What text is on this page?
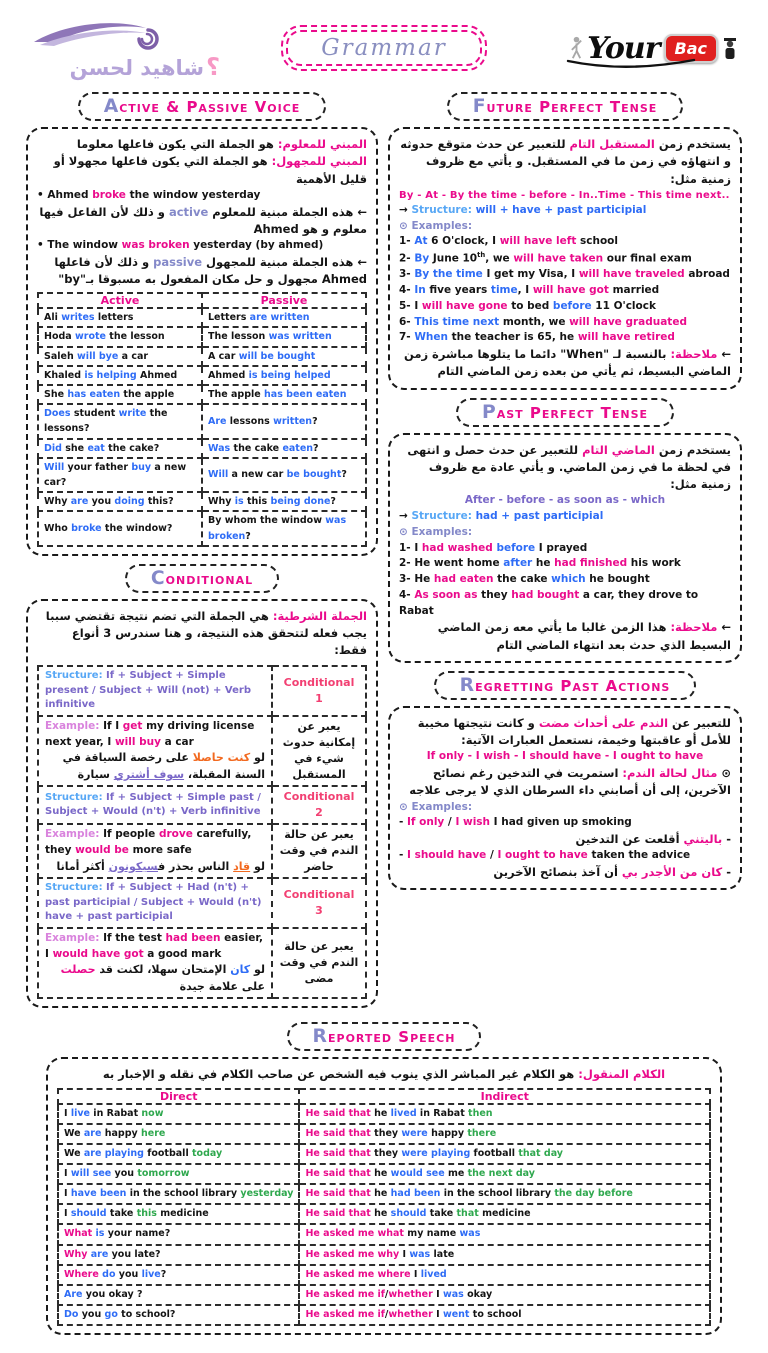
؟شاهيد لحسن
Grammar	Your Bac
Active & Passive Voice
المبني للمعلوم: هو الجملة التي يكون فاعلها معلوما
المبني للمجهول: هو الجملة التي يكون فاعلها مجهولا أو قليل الأهمية
• Ahmed broke the window yesterday
← هذه الجملة مبنية للمعلوم active و ذلك لأن الفاعل فيها معلوم و هو Ahmed
• The window was broken yesterday (by ahmed)
← هذه الجملة مبنية للمجهول passive و ذلك لأن فاعلها Ahmed مجهول و حل مكان المفعول به مسبوقا بـ"by"
Active	Passive
Ali writes letters	Letters are written
Hoda wrote the lesson	The lesson was written
Saleh will bye a car	A car will be bought
Khaled is helping Ahmed	Ahmed is being helped
She has eaten the apple	The apple has been eaten
Does student write the lessons?	Are lessons written?
Did she eat the cake?	Was the cake eaten?
Will your father buy a new car?	Will a new car be bought?
Why are you doing this?	Why is this being done?
Who broke the window?	By whom the window was broken?
Conditional
الجملة الشرطية: هي الجملة التي تضم نتيجة تقتضي سببا يجب فعله لتتحقق هذه النتيجة، و هنا سندرس 3 أنواع فقط:
Structure: If + Subject + Simple present / Subject + Will (not) + Verb infinitive	Conditional 1

Example: If I get my driving license next year, I will buy a car
لو كنت حاصلا على رخصة السياقة في السنة المقبلة، سوف أشتري سيارة	يعبر عن إمكانية حدوث شيء في المستقبل
Structure: If + Subject + Simple past / Subject + Would (n't) + Verb infinitive	Conditional 2

Example: If people drove carefully, they would be more safe
لو قاد الناس بحذر فسيكونون أكثر أمانا	يعبر عن حالة الندم في وقت حاضر
Structure: If + Subject + Had (n't) + past participial / Subject + Would (n't) have + past participial	Conditional 3

Example: If the test had been easier, I would have got a good mark
لو كان الإمتحان سهلا، لكنت قد حصلت على علامة جيدة	يعبر عن حالة الندم في وقت مضى
Future Perfect Tense
يستخدم زمن المستقبل التام للتعبير عن حدث متوقع حدوثه و انتهاؤه في زمن ما في المستقبل. و يأتي مع ظروف زمنية مثل:
By - At - By the time - before - In..Time - This time next..
→ Structure: will + have + past participial
⊙ Examples:
1- At 6 O'clock, I will have left school
2- By June 10th, we will have taken our final exam
3- By the time I get my Visa, I will have traveled abroad
4- In five years time, I will have got married
5- I will have gone to bed before 11 O'clock
6- This time next month, we will have graduated
7- When the teacher is 65, he will have retired
← ملاحظة: بالنسبة لـ "When" دائما ما يتلوها مباشرة زمن الماضي البسيط، ثم يأتي من بعده زمن الماضي التام
Past Perfect Tense
يستخدم زمن الماضي التام للتعبير عن حدث حصل و انتهى في لحظة ما في زمن الماضي. و يأتي عادة مع ظروف زمنية مثل:
After - before - as soon as - which
→ Structure: had + past participial
⊙ Examples:
1- I had washed before I prayed
2- He went home after he had finished his work
3- He had eaten the cake which he bought
4- As soon as they had bought a car, they drove to Rabat
← ملاحظة: هذا الزمن غالبا ما يأتي معه زمن الماضي البسيط الذي حدث بعد انتهاء الماضي التام
Regretting Past Actions
للتعبير عن الندم على أحداث مضت و كانت نتيجتها مخيبة للأمل أو عاقبتها وخيمة، نستعمل العبارات الآتية:
If only - I wish - I should have - I ought to have
⊙ مثال لحالة الندم: استمريت في التدخين رغم نصائح الآخرين، إلى أن أصابني داء السرطان الذي لا يرجى علاجه
⊙ Examples:
- If only / I wish I had given up smoking
- باليتني أقلعت عن التدخين
- I should have / I ought to have taken the advice
- كان من الأجدر بي أن آخذ بنصائح الآخرين
Reported Speech
الكلام المنقول: هو الكلام غير المباشر الذي ينوب فيه الشخص عن صاحب الكلام في نقله و الإخبار به
Direct	Indirect
I live in Rabat now	He said that he lived in Rabat then
We are happy here	He said that they were happy there
We are playing football today	He said that they were playing football that day
I will see you tomorrow	He said that he would see me the next day
I have been in the school library yesterday	He said that he had been in the school library the day before
I should take this medicine	He said that he should take that medicine
What is your name?	He asked me what my name was
Why are you late?	He asked me why I was late
Where do you live?	He asked me where I lived
Are you okay ?	He asked me if/whether I was okay
Do you go to school?	He asked me if/whether I went to school
